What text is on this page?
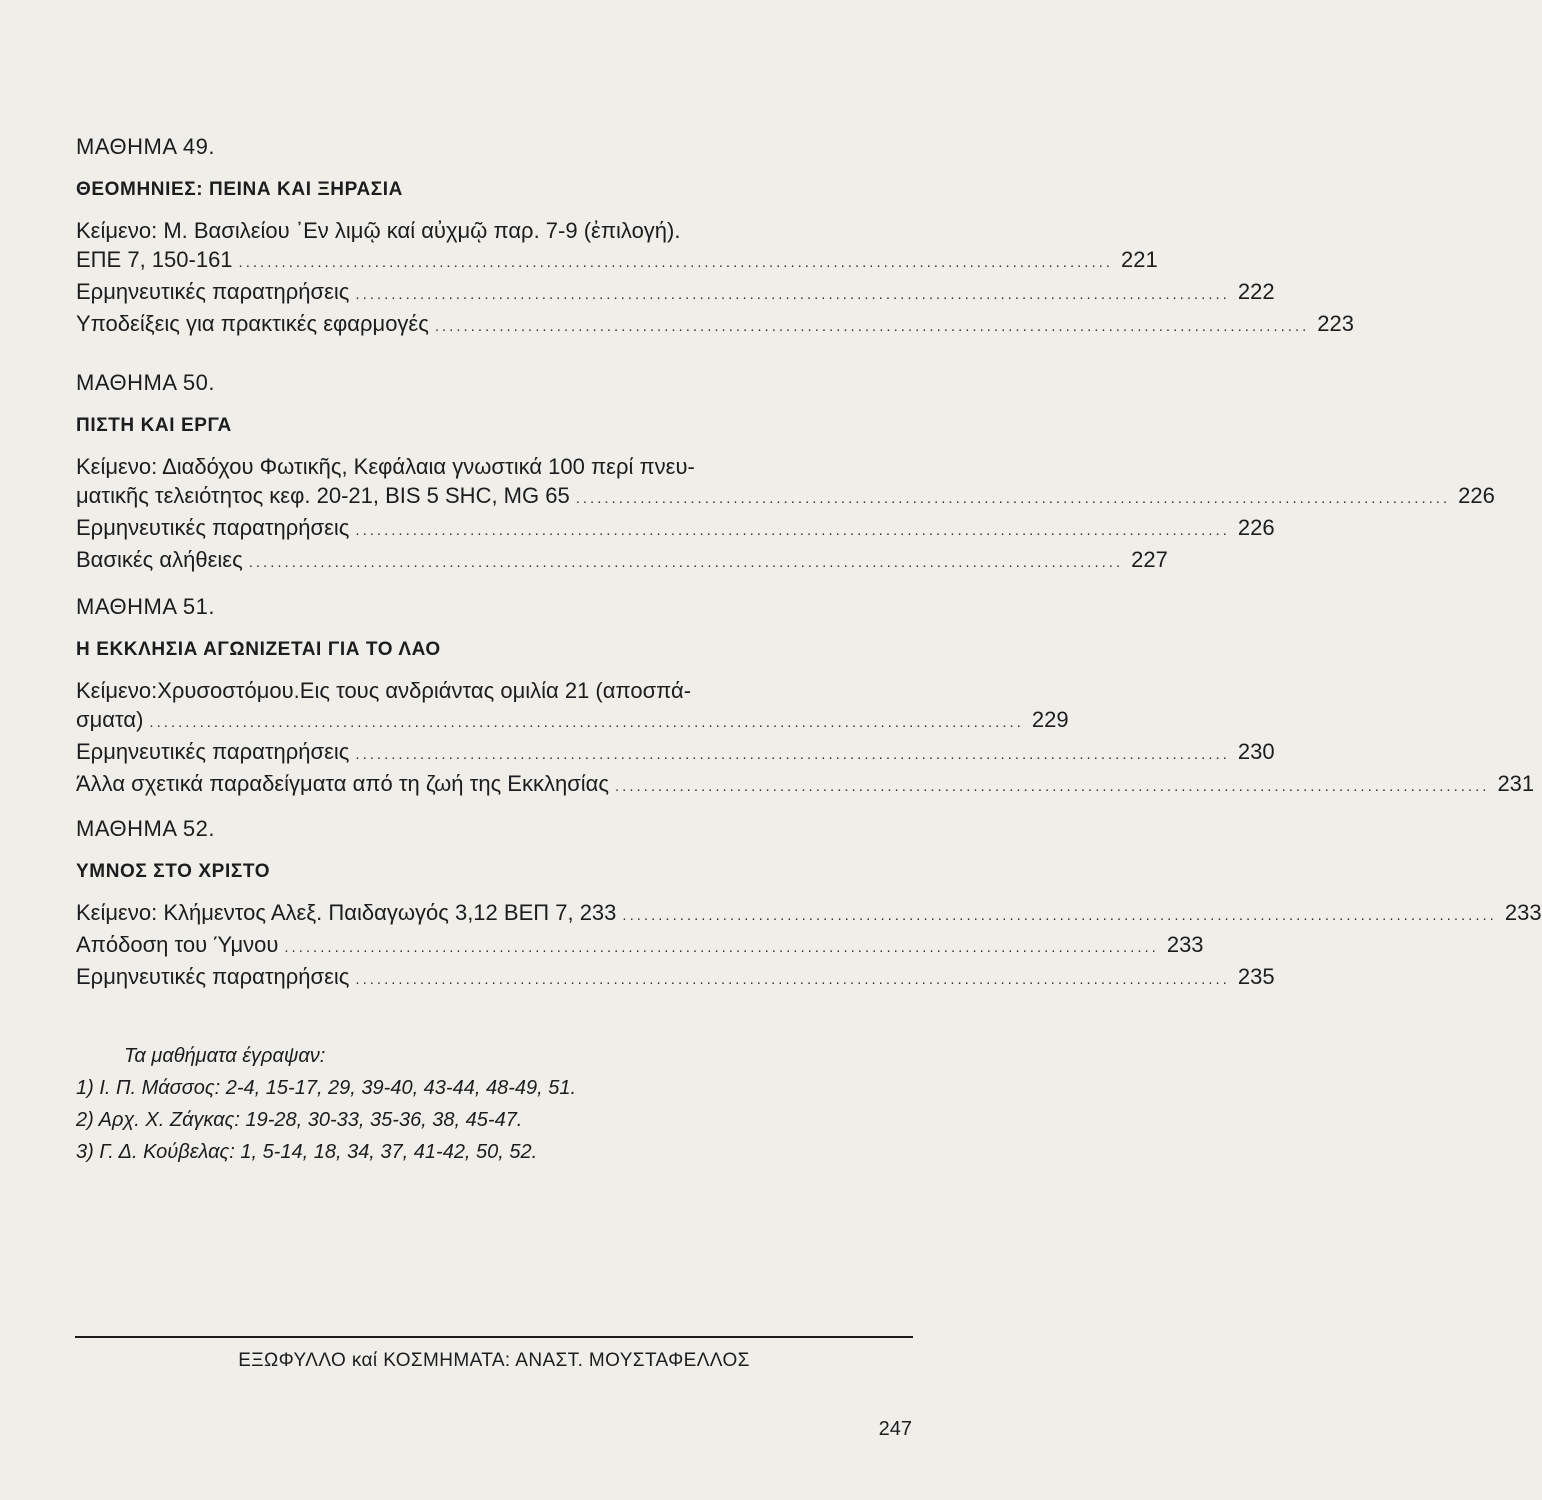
ΜΑΘΗΜΑ 49.

ΘΕΟΜΗΝΙΕΣ: ΠΕΙΝΑ ΚΑΙ ΞΗΡΑΣΙΑ

Κείμενο: Μ. Βασιλείου ᾿Εν λιμῷ καί αὐχμῷ παρ. 7-9 (ἐπιλογή).
ΕΠΕ 7, 150-161 .......................................................................................................................... 221
Ερμηνευτικές παρατηρήσεις .......................................................................................................................... 222
Υποδείξεις για πρακτικές εφαρμογές .......................................................................................................................... 223

ΜΑΘΗΜΑ 50.

ΠΙΣΤΗ ΚΑΙ ΕΡΓΑ

Κείμενο: Διαδόχου Φωτικῆς, Κεφάλαια γνωστικά 100 περί πνευ-
ματικῆς τελειότητος κεφ. 20-21, BIS 5 SHC, MG 65 .......................................................................................................................... 226
Ερμηνευτικές παρατηρήσεις .......................................................................................................................... 226
Βασικές αλήθειες .......................................................................................................................... 227

ΜΑΘΗΜΑ 51.

Η ΕΚΚΛΗΣΙΑ ΑΓΩΝΙΖΕΤΑΙ ΓΙΑ ΤΟ ΛΑΟ

Κείμενο:Χρυσοστόμου.Εις τους ανδριάντας ομιλία 21 (αποσπά-
σματα) .......................................................................................................................... 229
Ερμηνευτικές παρατηρήσεις .......................................................................................................................... 230
Άλλα σχετικά παραδείγματα από τη ζωή της Εκκλησίας .......................................................................................................................... 231

ΜΑΘΗΜΑ 52.

ΥΜΝΟΣ ΣΤΟ ΧΡΙΣΤΟ

Κείμενο: Κλήμεντος Αλεξ. Παιδαγωγός 3,12 ΒΕΠ 7, 233 .......................................................................................................................... 233
Απόδοση του Ύμνου .......................................................................................................................... 233
Ερμηνευτικές παρατηρήσεις .......................................................................................................................... 235
Τα μαθήματα έγραψαν:
1) Ι. Π. Μάσσος: 2-4, 15-17, 29, 39-40, 43-44, 48-49, 51.
2) Αρχ. Χ. Ζάγκας: 19-28, 30-33, 35-36, 38, 45-47.
3) Γ. Δ. Κούβελας: 1, 5-14, 18, 34, 37, 41-42, 50, 52.
ΕΞΩΦΥΛΛΟ καί ΚΟΣΜΗΜΑΤΑ: ΑΝΑΣΤ. ΜΟΥΣΤΑΦΕΛΛΟΣ
247
